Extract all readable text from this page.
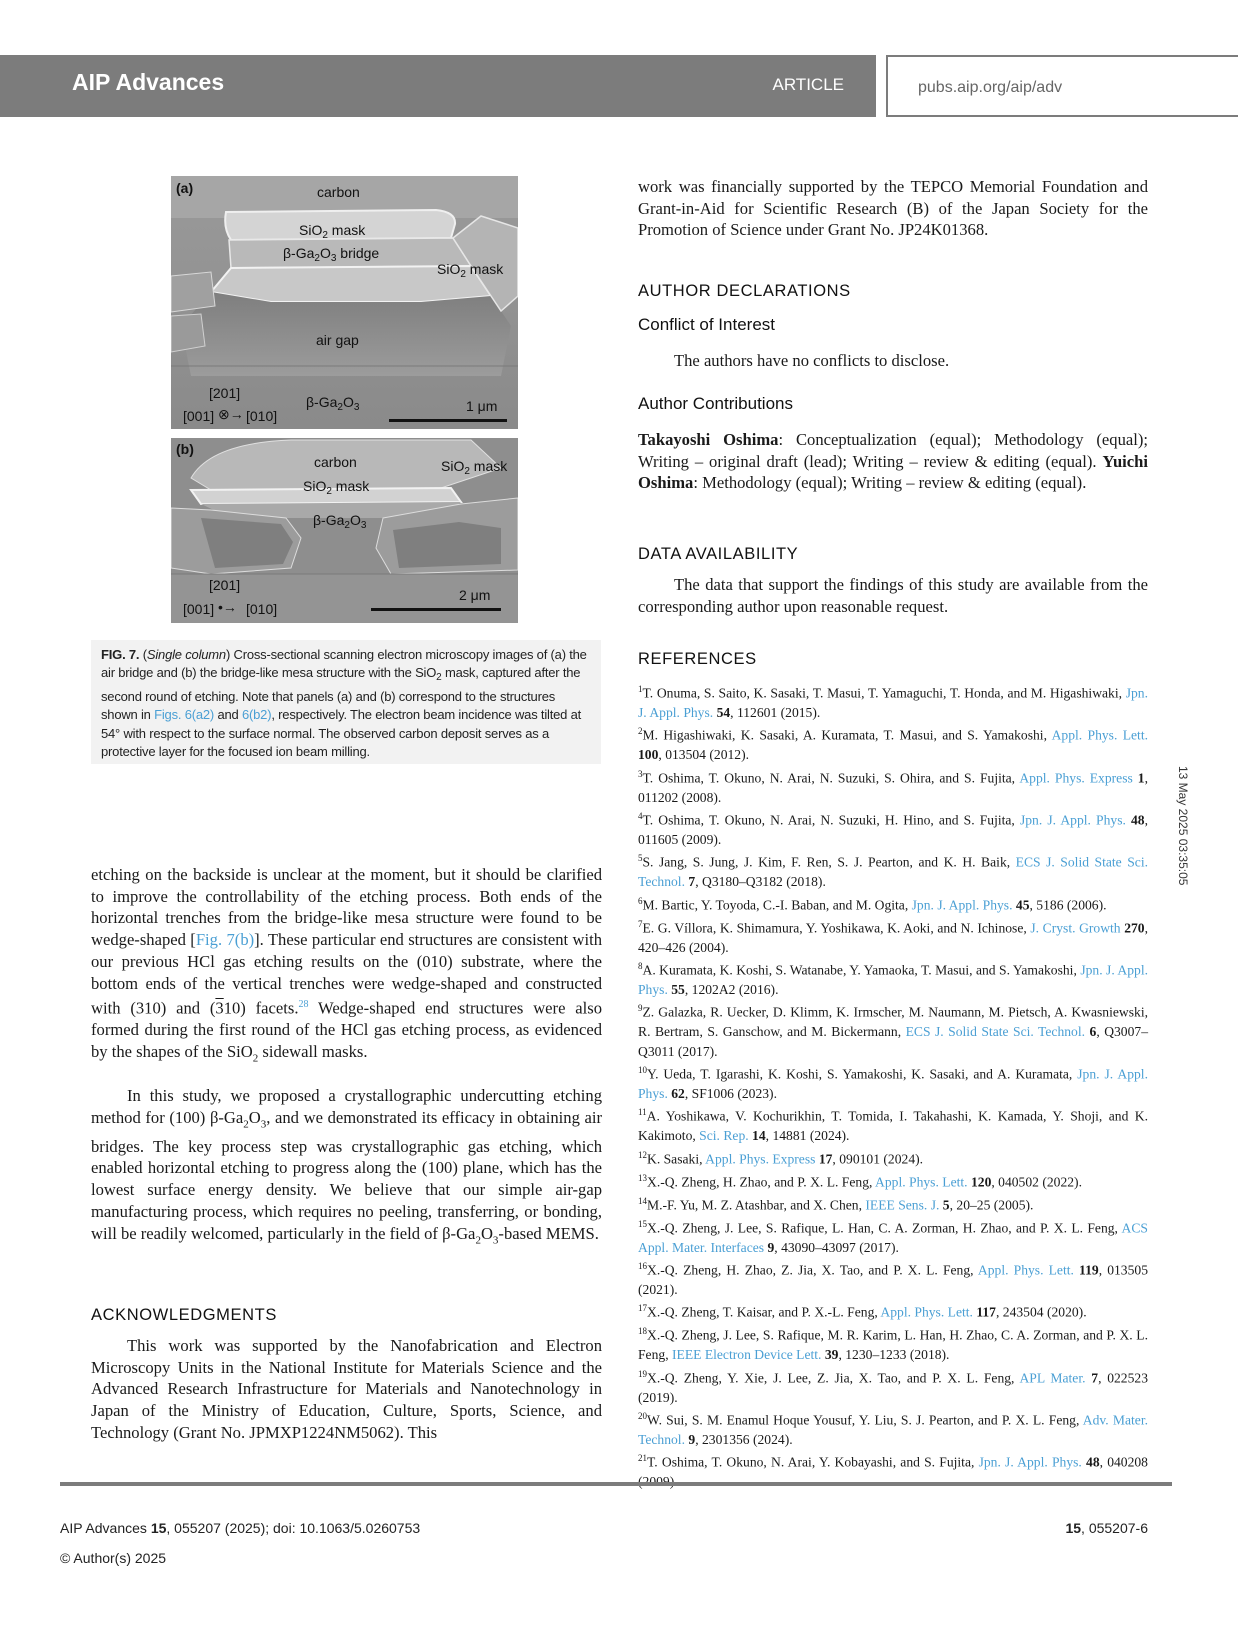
AIP Advances	ARTICLE	pubs.aip.org/aip/adv
(a)	carbon
SiO$_2$ mask
$\beta-Ga_2O_3$ bridge
SiO$_2$ mask
air gap
$\beta-Ga_2O_3$
[201]
[001] ⊗→ [010]
1 μm
(b)
carbon	SiO$_2$ mask
SiO$_2$ mask
$\beta-Ga_2O_3$
[201]
[001] •→ [010]
2 μm
FIG. 7. (Single column) Cross-sectional scanning electron microscopy images of (a) the air bridge and (b) the bridge-like mesa structure with the SiO$_2$ mask, captured after the second round of etching. Note that panels (a) and (b) correspond to the structures shown in Figs. 6(a2) and 6(b2), respectively. The electron beam incidence was tilted at 54° with respect to the surface normal. The observed carbon deposit serves as a protective layer for the focused ion beam milling.
etching on the backside is unclear at the moment, but it should be clarified to improve the controllability of the etching process. Both ends of the horizontal trenches from the bridge-like mesa structure were found to be wedge-shaped [Fig. 7(b)]. These particular end structures are consistent with our previous HCl gas etching results on the (010) substrate, where the bottom ends of the vertical trenches were wedge-shaped and constructed with (310) and (310) facets.$^{28}$ Wedge-shaped end structures were also formed during the first round of the HCl gas etching process, as evidenced by the shapes of the SiO$_2$ sidewall masks.
In this study, we proposed a crystallographic undercutting etching method for (100) $\beta-Ga_2O_3$, and we demonstrated its efficacy in obtaining air bridges. The key process step was crystallographic gas etching, which enabled horizontal etching to progress along the (100) plane, which has the lowest surface energy density. We believe that our simple air-gap manufacturing process, which requires no peeling, transferring, or bonding, will be readily welcomed, particularly in the field of $\beta-Ga_2O_3$-based MEMS.
ACKNOWLEDGMENTS
This work was supported by the Nanofabrication and Electron Microscopy Units in the National Institute for Materials Science and the Advanced Research Infrastructure for Materials and Nanotechnology in Japan of the Ministry of Education, Culture, Sports, Science, and Technology (Grant No. JPMXP1224NM5062). This
work was financially supported by the TEPCO Memorial Foundation and Grant-in-Aid for Scientific Research (B) of the Japan Society for the Promotion of Science under Grant No. JP24K01368.
AUTHOR DECLARATIONS
Conflict of Interest
The authors have no conflicts to disclose.
Author Contributions
Takayoshi Oshima: Conceptualization (equal); Methodology (equal); Writing – original draft (lead); Writing – review & editing (equal). Yuichi Oshima: Methodology (equal); Writing – review & editing (equal).
DATA AVAILABILITY
The data that support the findings of this study are available from the corresponding author upon reasonable request.
REFERENCES

$^1$T. Onuma, S. Saito, K. Sasaki, T. Masui, T. Yamaguchi, T. Honda, and M. Higashiwaki, Jpn. J. Appl. Phys. 54, 112601 (2015).

$^2$M. Higashiwaki, K. Sasaki, A. Kuramata, T. Masui, and S. Yamakoshi, Appl. Phys. Lett. 100, 013504 (2012).

$^3$T. Oshima, T. Okuno, N. Arai, N. Suzuki, S. Ohira, and S. Fujita, Appl. Phys. Express 1, 011202 (2008).

$^4$T. Oshima, T. Okuno, N. Arai, N. Suzuki, H. Hino, and S. Fujita, Jpn. J. Appl. Phys. 48, 011605 (2009).

$^5$S. Jang, S. Jung, J. Kim, F. Ren, S. J. Pearton, and K. H. Baik, ECS J. Solid State Sci. Technol. 7, Q3180–Q3182 (2018).

$^6$M. Bartic, Y. Toyoda, C.-I. Baban, and M. Ogita, Jpn. J. Appl. Phys. 45, 5186 (2006).

$^7$E. G. Víllora, K. Shimamura, Y. Yoshikawa, K. Aoki, and N. Ichinose, J. Cryst. Growth 270, 420–426 (2004).

$^8$A. Kuramata, K. Koshi, S. Watanabe, Y. Yamaoka, T. Masui, and S. Yamakoshi, Jpn. J. Appl. Phys. 55, 1202A2 (2016).

$^9$Z. Galazka, R. Uecker, D. Klimm, K. Irmscher, M. Naumann, M. Pietsch, A. Kwasniewski, R. Bertram, S. Ganschow, and M. Bickermann, ECS J. Solid State Sci. Technol. 6, Q3007–Q3011 (2017).

$^{10}$Y. Ueda, T. Igarashi, K. Koshi, S. Yamakoshi, K. Sasaki, and A. Kuramata, Jpn. J. Appl. Phys. 62, SF1006 (2023).

$^{11}$A. Yoshikawa, V. Kochurikhin, T. Tomida, I. Takahashi, K. Kamada, Y. Shoji, and K. Kakimoto, Sci. Rep. 14, 14881 (2024).

$^{12}$K. Sasaki, Appl. Phys. Express 17, 090101 (2024).

$^{13}$X.-Q. Zheng, H. Zhao, and P. X. L. Feng, Appl. Phys. Lett. 120, 040502 (2022).

$^{14}$M.-F. Yu, M. Z. Atashbar, and X. Chen, IEEE Sens. J. 5, 20–25 (2005).

$^{15}$X.-Q. Zheng, J. Lee, S. Rafique, L. Han, C. A. Zorman, H. Zhao, and P. X. L. Feng, ACS Appl. Mater. Interfaces 9, 43090–43097 (2017).

$^{16}$X.-Q. Zheng, H. Zhao, Z. Jia, X. Tao, and P. X. L. Feng, Appl. Phys. Lett. 119, 013505 (2021).

$^{17}$X.-Q. Zheng, T. Kaisar, and P. X.-L. Feng, Appl. Phys. Lett. 117, 243504 (2020).

$^{18}$X.-Q. Zheng, J. Lee, S. Rafique, M. R. Karim, L. Han, H. Zhao, C. A. Zorman, and P. X. L. Feng, IEEE Electron Device Lett. 39, 1230–1233 (2018).

$^{19}$X.-Q. Zheng, Y. Xie, J. Lee, Z. Jia, X. Tao, and P. X. L. Feng, APL Mater. 7, 022523 (2019).

$^{20}$W. Sui, S. M. Enamul Hoque Yousuf, Y. Liu, S. J. Pearton, and P. X. L. Feng, Adv. Mater. Technol. 9, 2301356 (2024).

$^{21}$T. Oshima, T. Okuno, N. Arai, Y. Kobayashi, and S. Fujita, Jpn. J. Appl. Phys. 48, 040208

13 May 2025 03:35:05
AIP Advances 15, 055207 (2025); doi: 10.1063/5.0260753
© Author(s) 2025
15, 055207-6
